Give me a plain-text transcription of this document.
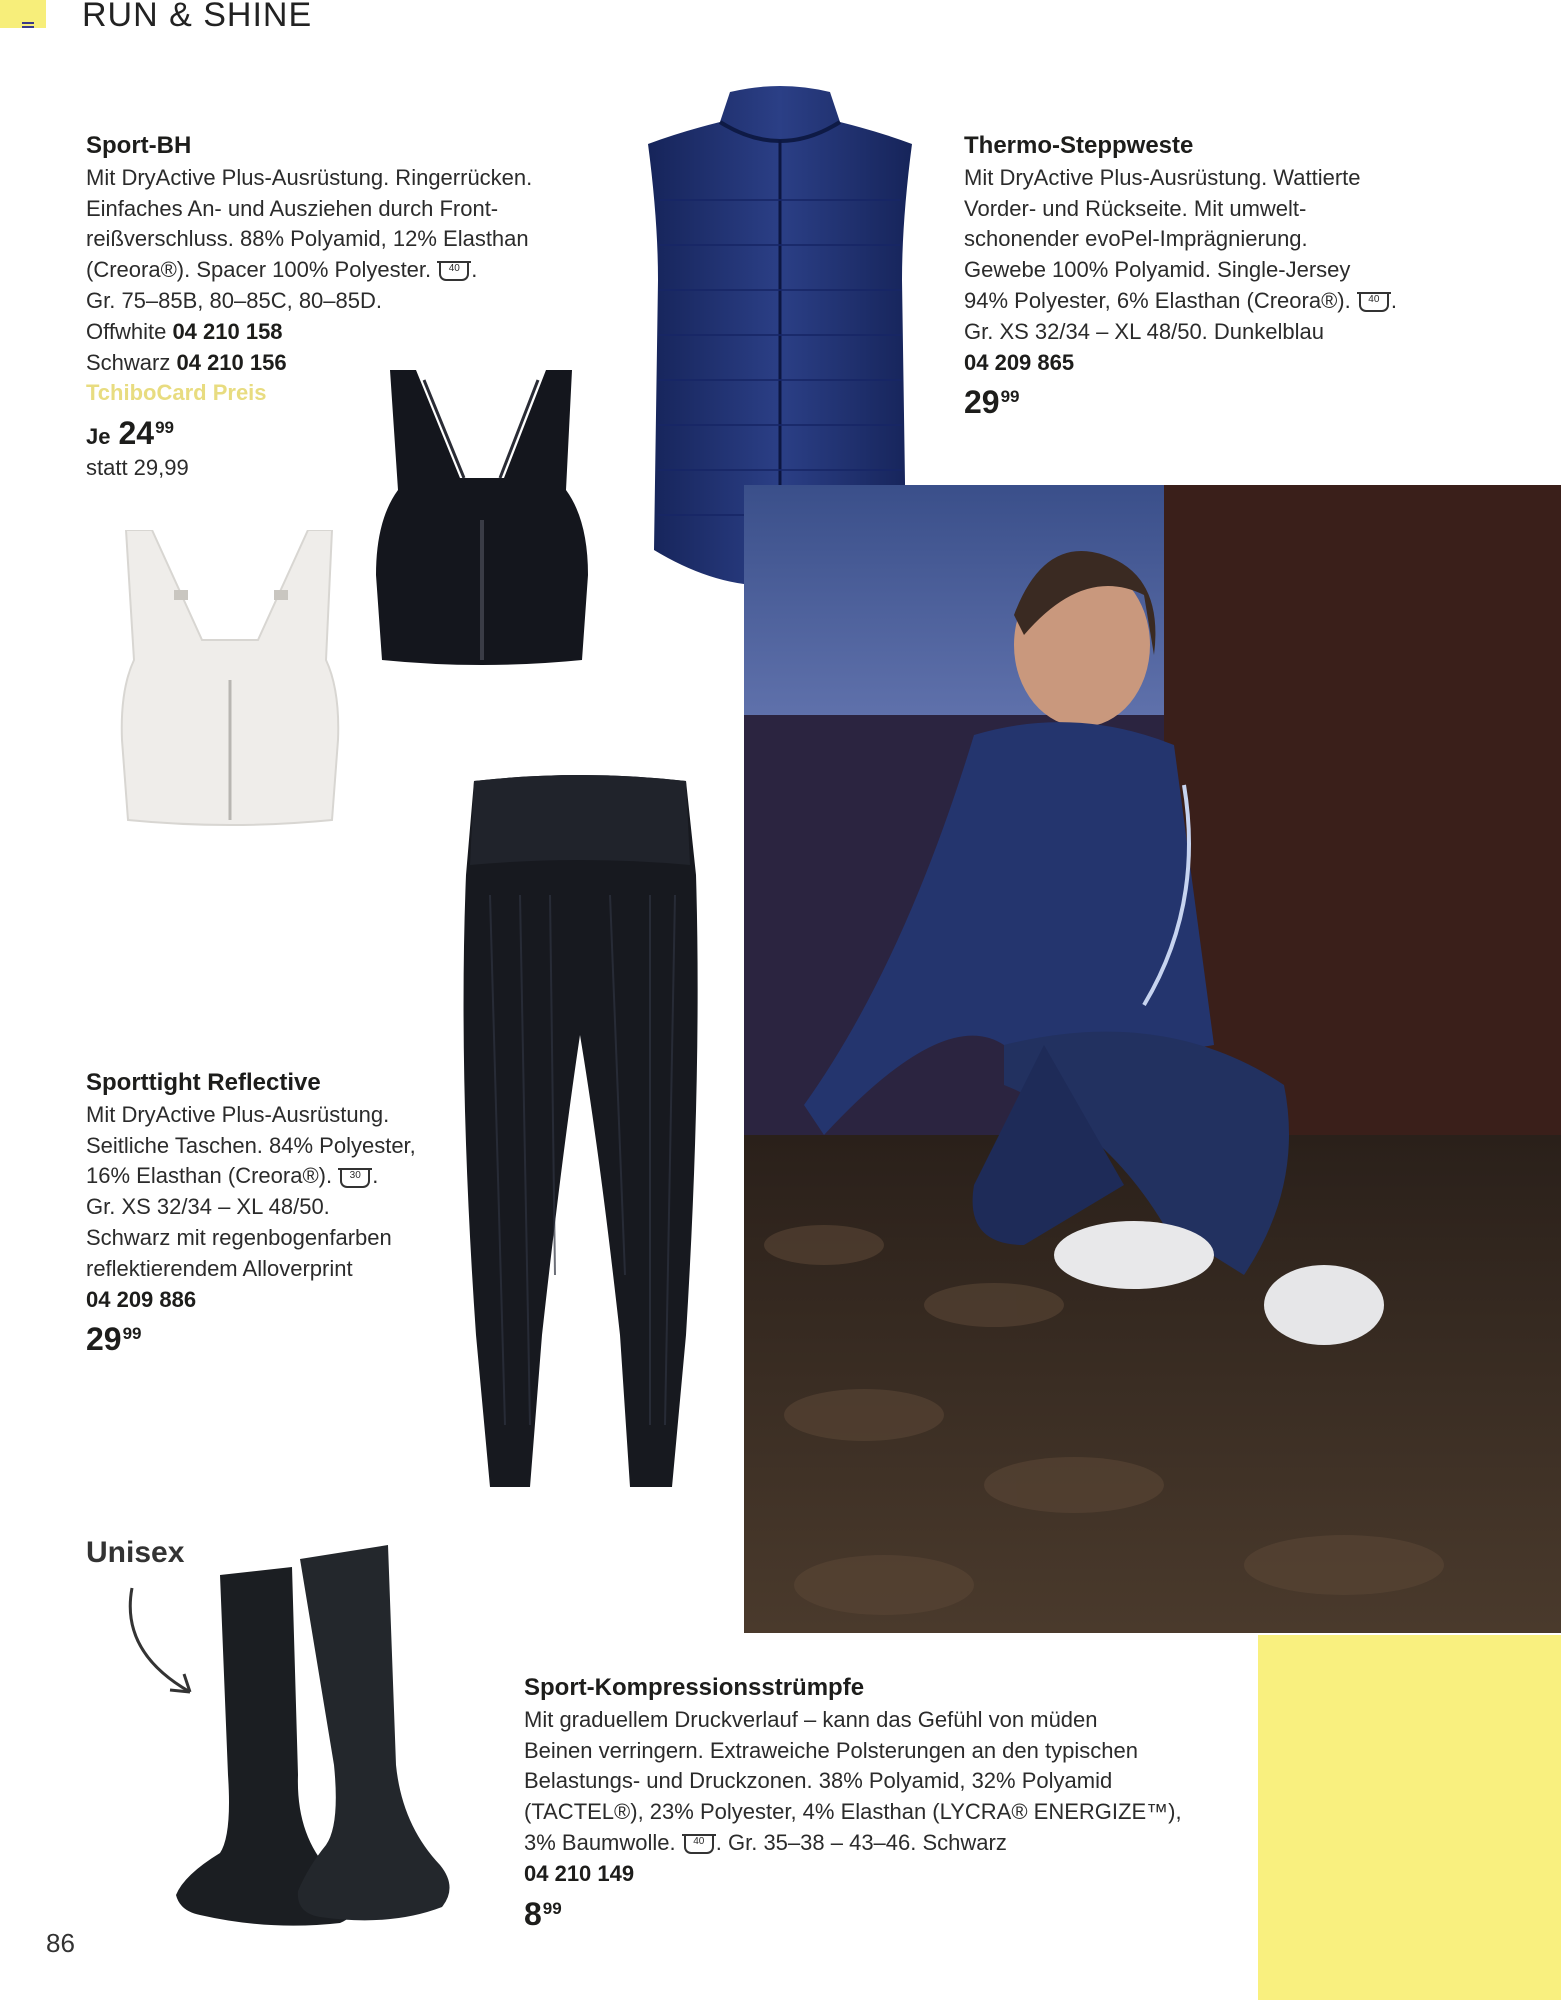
RUN & SHINE
Sport-BH
Mit DryActive Plus-Ausrüstung. Ringerrücken.
Einfaches An- und Ausziehen durch Front-
reißverschluss. 88% Polyamid, 12% Elasthan
(Creora®). Spacer 100% Polyester. 40 .
Gr. 75–85B, 80–85C, 80–85D.
Offwhite 04 210 158
Schwarz 04 210 156
TchiboCard Preis
Je $24^{99}$
statt 29,99
Thermo-Steppweste
Mit DryActive Plus-Ausrüstung. Wattierte
Vorder- und Rückseite. Mit umwelt-
schonender evoPel-Imprägnierung.
Gewebe 100% Polyamid. Single-Jersey
94% Polyester, 6% Elasthan (Creora®). 40 .
Gr. XS 32/34 – XL 48/50. Dunkelblau
04 209 865
$29^{99}$
Sporttight Reflective
Mit DryActive Plus-Ausrüstung.
Seitliche Taschen. 84% Polyester,
16% Elasthan (Creora®). 30 .
Gr. XS 32/34 – XL 48/50.
Schwarz mit regenbogenfarben
reflektierendem Alloverprint
04 209 886
$29^{99}$
Sport-Kompressionsstrümpfe
Mit graduellem Druckverlauf – kann das Gefühl von müden
Beinen verringern. Extraweiche Polsterungen an den typischen
Belastungs- und Druckzonen. 38% Polyamid, 32% Polyamid
(TACTEL®), 23% Polyester, 4% Elasthan (LYCRA® ENERGIZE™),
3% Baumwolle. 40 . Gr. 35–38 – 43–46. Schwarz
04 210 149
$8^{99}$
Unisex
86
